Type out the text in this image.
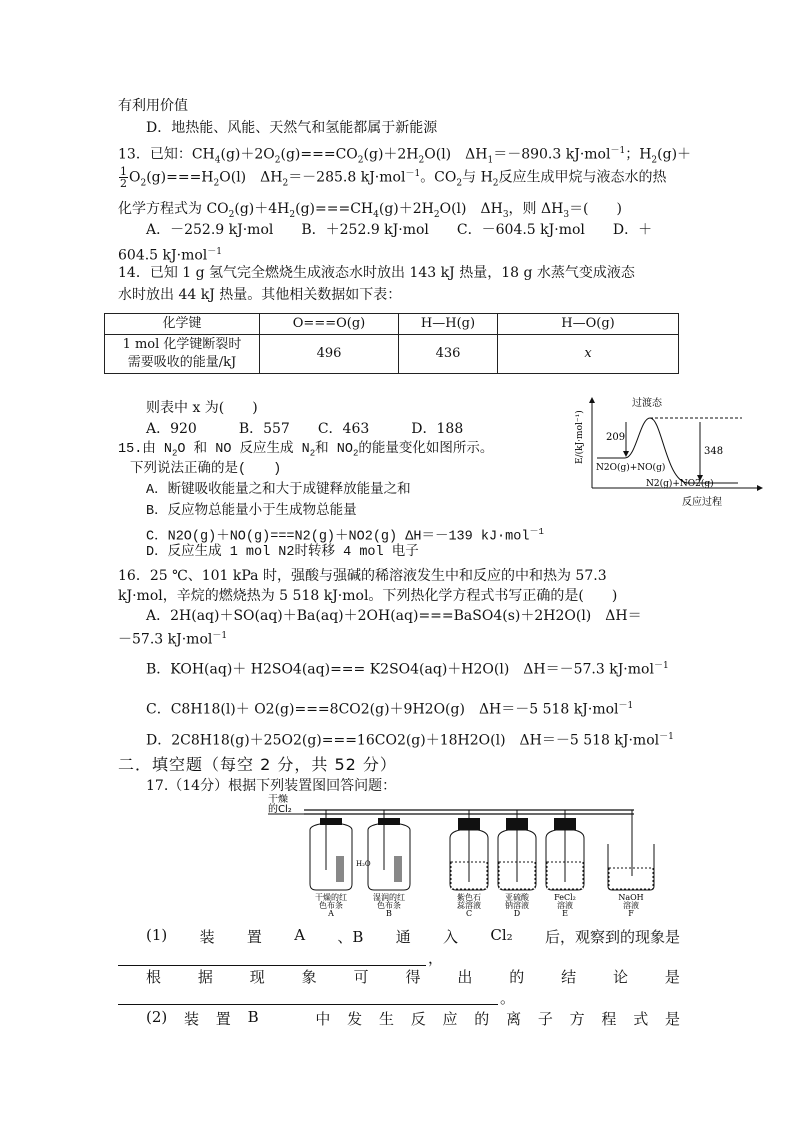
有利用价值
D．地热能、风能、天然气和氢能都属于新能源
13．已知：$CH_4(g)+2O_2(g)===CO_2(g)+2H_2O(l)$　$\Delta H_1=-890.3$ kJ·mol$^{-1}$；$H_2(g)+$
$\frac{1}{2} O_2(g)===H_2O(l)$　$\Delta H_2=-285.8$ kJ·mol$^{-1}$。$CO_2$与 $H_2$反应生成甲烷与液态水的热
化学方程式为 $CO_2(g)+4H_2(g)===CH_4(g)+2H_2O(l)$　$\Delta H_3$，则 $\Delta H_3=$(　　)
A．－252.9 kJ·mol　　B．＋252.9 kJ·mol　　C．－604.5 kJ·mol　　D．＋
604.5 kJ·mol$^{-1}$
14．已知 1 g 氢气完全燃烧生成液态水时放出 143 kJ 热量，18 g 水蒸气变成液态
水时放出 44 kJ 热量。其他相关数据如下表：
化学键	O===O(g)	H—H(g)	H—O(g)
1 mol 化学键断裂时
需要吸收的能量/kJ	496	436	x
则表中 x 为(　　)
A．920　　　B．557　　C．463　　　D．188
15.由 $N_2O$ 和 NO 反应生成 $N_2$和 $NO_2$的能量变化如图所示。
下列说法正确的是(　　)
A．断键吸收能量之和大于成键释放能量之和
B．反应物总能量小于生成物总能量
C．N2O(g)＋NO(g)===N2(g)＋NO2(g) ΔH＝－139 kJ·mol$^{-1}$
D．反应生成 1 mol N2时转移 4 mol 电子
E/(kJ·mol⁻¹)
过渡态
209
348
N2O(g)+NO(g)
N2(g)+NO2(g)
反应过程
16．25 ℃、101 kPa 时，强酸与强碱的稀溶液发生中和反应的中和热为 57.3
kJ·mol，辛烷的燃烧热为 5 518 kJ·mol。下列热化学方程式书写正确的是(　　)
A．2H(aq)＋SO(aq)＋Ba(aq)＋2OH(aq)===BaSO4(s)＋2H2O(l)　ΔH＝
－57.3 kJ·mol$^{-1}$
B．KOH(aq)＋ H2SO4(aq)=== K2SO4(aq)＋H2O(l)　ΔH＝－57.3 kJ·mol$^{-1}$
C．C8H18(l)＋ O2(g)===8CO2(g)＋9H2O(g)　ΔH＝－5 518 kJ·mol$^{-1}$
D．2C8H18(g)＋25O2(g)===16CO2(g)＋18H2O(l)　ΔH＝－5 518 kJ·mol$^{-1}$
二．填空题（每空 2 分，共 52 分）
17.（14分）根据下列装置图回答问题：
干燥
的Cl₂
H₂O
干燥的红
色布条
A
湿润的红
色布条
B
紫色石
蕊溶液
C
亚硫酸
钠溶液
D
FeCl₂
溶液
E
NaOH
溶液
F
(1) 装 置 A 、B 通 入 Cl₂ 后，观察到的现象是
，
根 据 现 象 可 得 出 的 结 论 是
。
(2) 装 置 B	中 发 生 反 应 的 离 子 方 程 式 是
